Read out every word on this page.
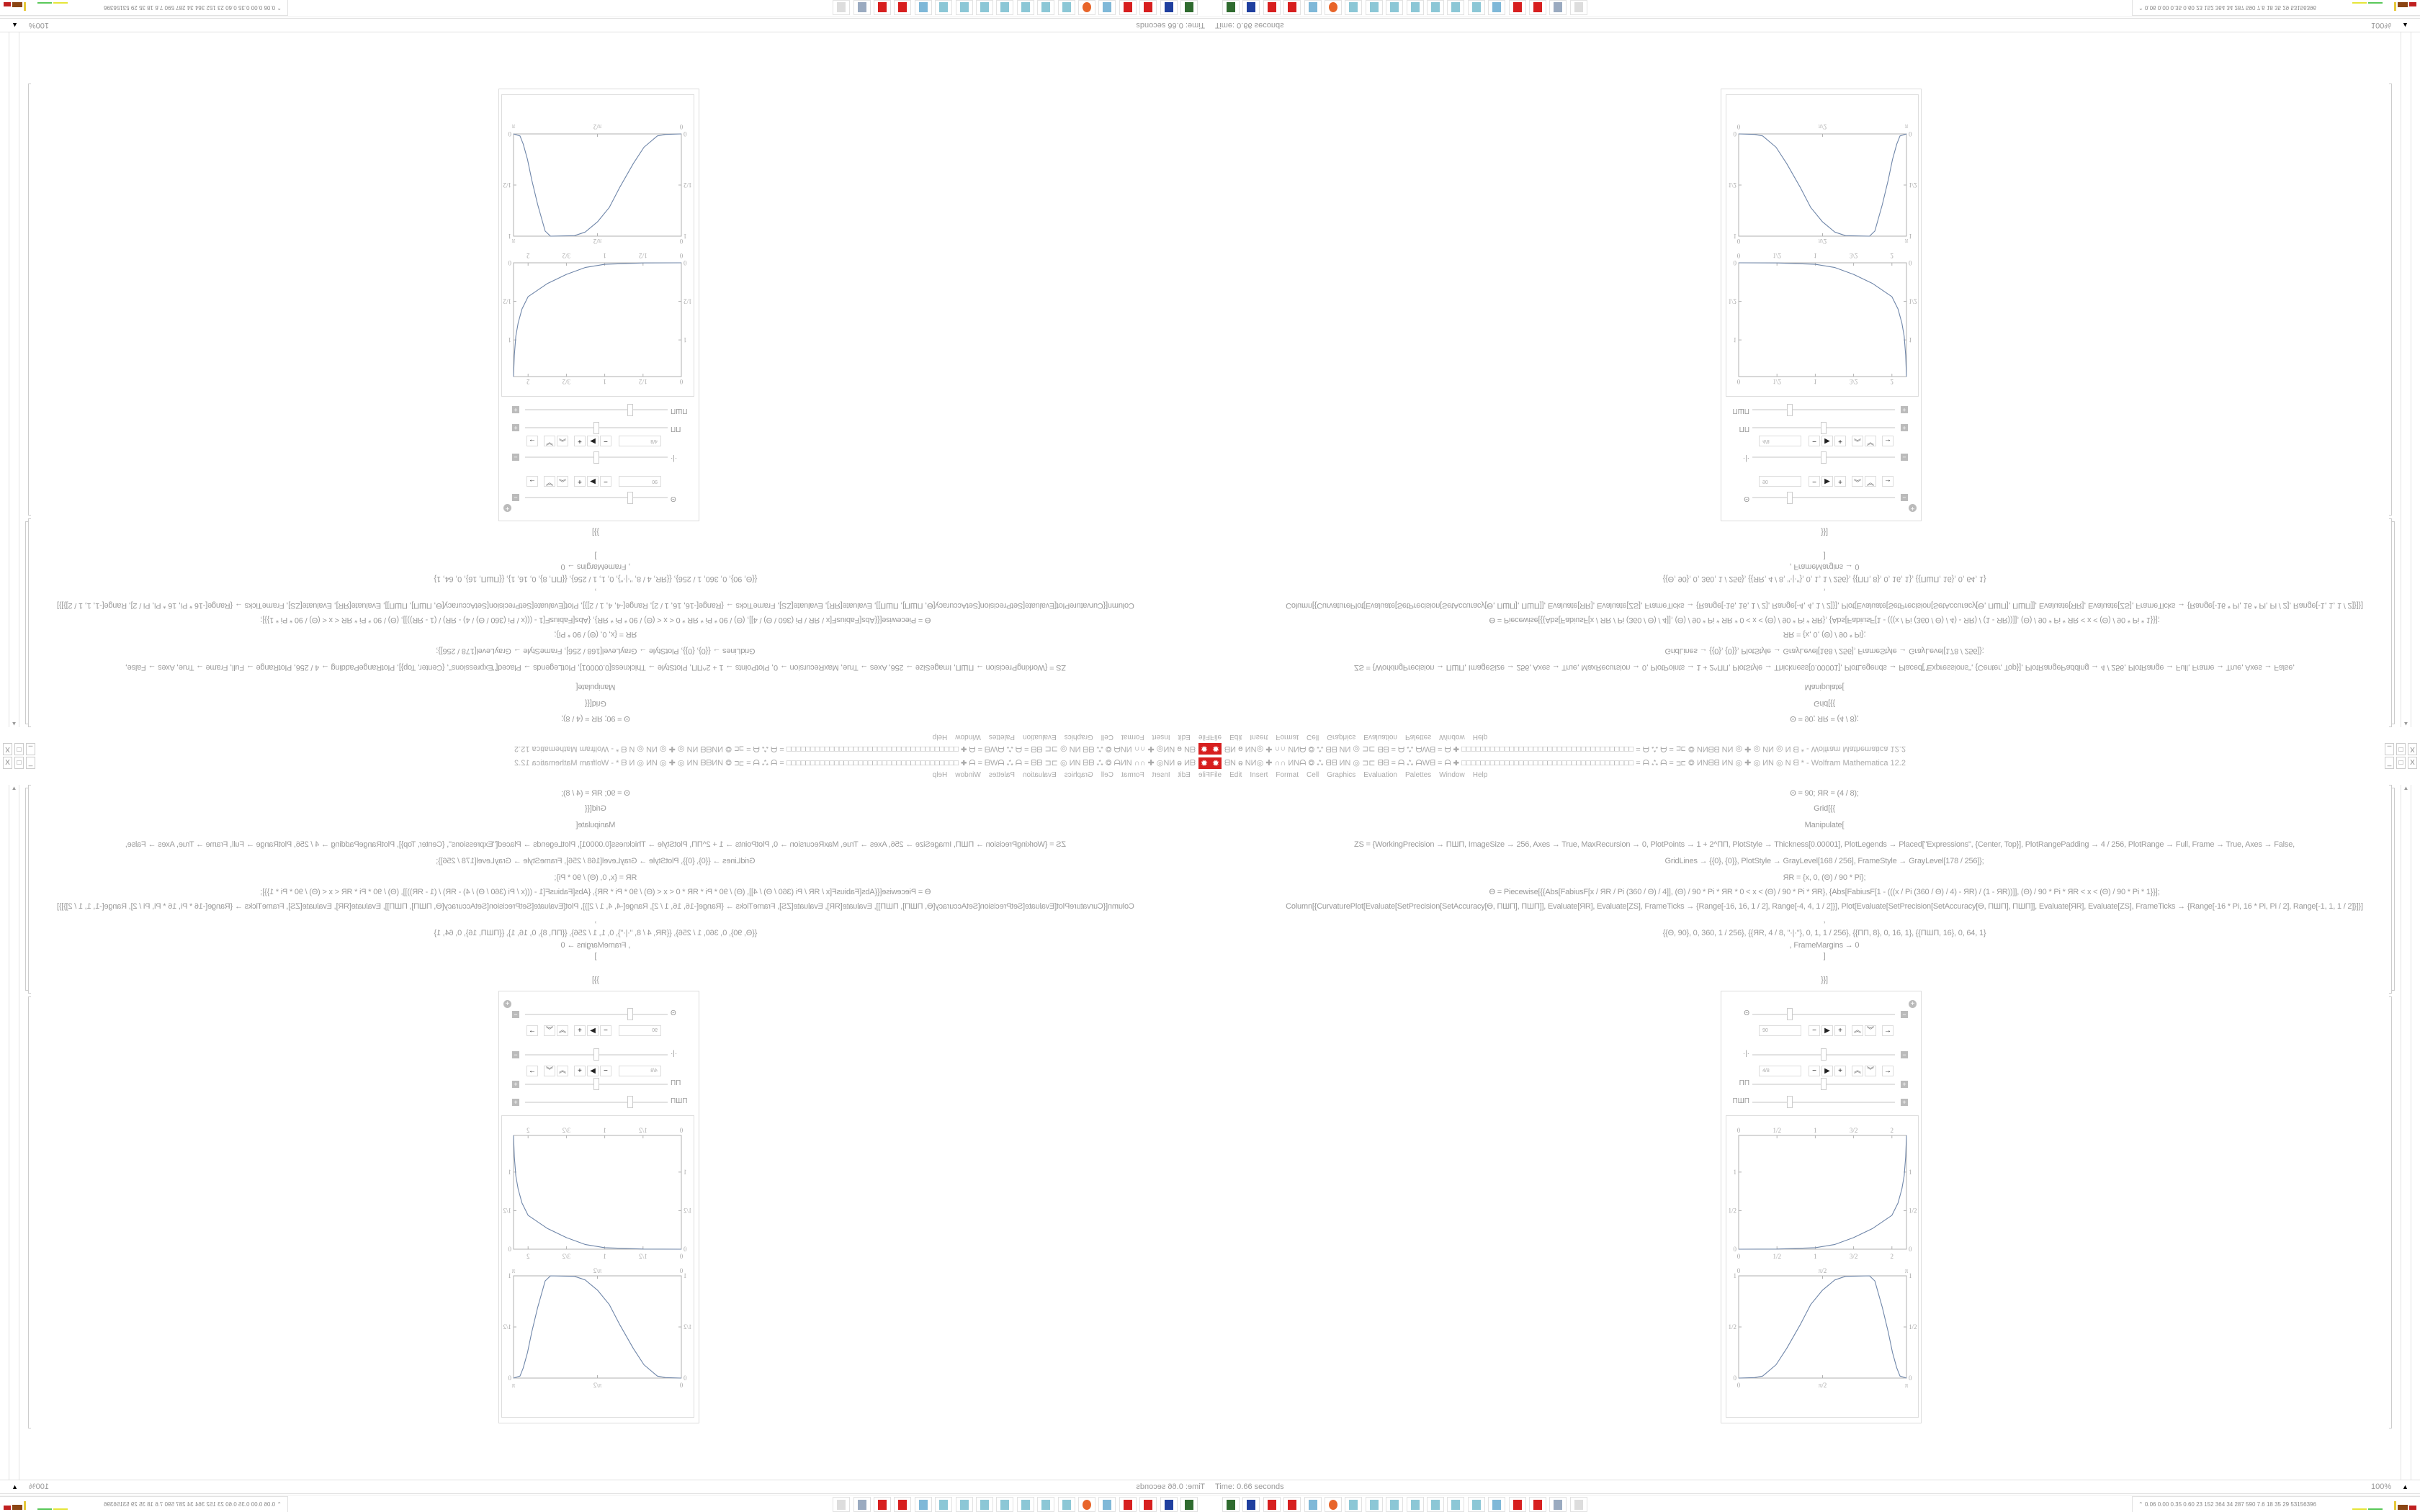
✹ ᗺN ⱺ NИ◎ ✚ ∩∩ ИNᗩ ◎ ⁂ ᗺᗺ ИN ◎ ⊐⊏ ᗺᗺ = ᗩ ⁂ ᗩWᗺ = ᗩ ✚ □□□□□□□□□□□□□□□□□□□□□□□□□□□□□□□□□□□□ = ᗩ ⁂ ᗩ = ⊐⊏ ◎ ИNᗺᗺ ИN ◎ ✚ ◎ ИN ◎ N ᗺ * - Wolfram Mathematica 12.2	_	□ X
File Edit Insert Format Cell Graphics Evaluation Palettes Window Help
Θ = 90; ЯR = (4 / 8);
Grid[{{
Manipulate[
ZS = {WorkingPrecision → ПШП, ImageSize → 256, Axes → True, MaxRecursion → 0, PlotPoints → 1 + 2^ПП, PlotStyle → Thickness[0.00001], PlotLegends → Placed["Expressions", {Center, Top}], PlotRangePadding → 4 / 256, PlotRange → Full, Frame → True, Axes → False,
GridLines → {{0}, {0}}, PlotStyle → GrayLevel[168 / 256], FrameStyle → GrayLevel[178 / 256]};
ЯR = {x, 0, (Θ) / 90 * Pi};
Ө = Piecewise[{{Abs[FabiusF[x / ЯR / Pi (360 / Θ) / 4]], (Θ) / 90 * Pi * ЯR * 0 < x < (Θ) / 90 * Pi * ЯR}, {Abs[FabiusF[1 - (((x / Pi (360 / Θ) / 4) - ЯR) / (1 - ЯR))]], (Θ) / 90 * Pi * ЯR < x < (Θ) / 90 * Pi * 1}}];
Column[{CurvaturePlot[Evaluate[SetPrecision[SetAccuracy[Ө, ПШП], ПШП]], Evaluate[ЯR], Evaluate[ZS], FrameTicks → {Range[-16, 16, 1 / 2], Range[-4, 4, 1 / 2]}], Plot[Evaluate[SetPrecision[SetAccuracy[Ө, ПШП], ПШП]], Evaluate[ЯR], Evaluate[ZS], FrameTicks → {Range[-16 * Pi, 16 * Pi, Pi / 2], Range[-1, 1, 1 / 2]}]}]
,
{{Θ, 90}, 0, 360, 1 / 256}, {{ЯR, 4 / 8, "·|·"}, 0, 1, 1 / 256}, {{ПП, 8}, 0, 16, 1}, {{ПШП, 16}, 0, 64, 1}
, FrameMargins → 0
]
}}]
▲
+
Θ	−
90	−	▶	+	︽ ︾	→
·|·	−
4/8	−	▶	+	︽ ︾	→
ПП	+
ПШП	+
0
0
1/2
1/2
1
1
3/2
3/2
2
2
0	0
1/2	1/2
1	1
0
0
π/2
π/2
π
π
0	0
1/2	1/2
1	1
Time: 0.66 seconds	100% ▲
⌃ 0.06 0.00 0.35 0.60 23 152 364 34 287 590 7.6 18 35 29 53156396
✹
ᗺN ⱺ NИ◎ ✚ ∩∩ ИNᗩ ◎ ⁂ ᗺᗺ ИN ◎ ⊐⊏ ᗺᗺ = ᗩ ⁂ ᗩWᗺ = ᗩ ✚ □□□□□□□□□□□□□□□□□□□□□□□□□□□□□□□□□□□□ = ᗩ ⁂ ᗩ = ⊐⊏ ◎ ИNᗺᗺ ИN ◎ ✚ ◎ ИN ◎ N ᗺ * - Wolfram Mathematica 12.2
_
□
X
File
Edit
Insert
Format
Cell
Graphics
Evaluation
Palettes
Window
Help
Θ = 90; ЯR = (4 / 8);
Grid[{{
Manipulate[
ZS = {WorkingPrecision → ПШП, ImageSize → 256, Axes → True, MaxRecursion → 0, PlotPoints → 1 + 2^ПП, PlotStyle → Thickness[0.00001], PlotLegends → Placed["Expressions", {Center, Top}], PlotRangePadding → 4 / 256, PlotRange → Full, Frame → True, Axes → False,
GridLines → {{0}, {0}}, PlotStyle → GrayLevel[168 / 256], FrameStyle → GrayLevel[178 / 256]};
ЯR = {x, 0, (Θ) / 90 * Pi};
Ө = Piecewise[{{Abs[FabiusF[x / ЯR / Pi (360 / Θ) / 4]], (Θ) / 90 * Pi * ЯR * 0 < x < (Θ) / 90 * Pi * ЯR}, {Abs[FabiusF[1 - (((x / Pi (360 / Θ) / 4) - ЯR) / (1 - ЯR))]], (Θ) / 90 * Pi * ЯR < x < (Θ) / 90 * Pi * 1}}];
Column[{CurvaturePlot[Evaluate[SetPrecision[SetAccuracy[Ө, ПШП], ПШП]], Evaluate[ЯR], Evaluate[ZS], FrameTicks → {Range[-16, 16, 1 / 2], Range[-4, 4, 1 / 2]}], Plot[Evaluate[SetPrecision[SetAccuracy[Ө, ПШП], ПШП]], Evaluate[ЯR], Evaluate[ZS], FrameTicks → {Range[-16 * Pi, 16 * Pi, Pi / 2], Range[-1, 1, 1 / 2]}]}]
,
{{Θ, 90}, 0, 360, 1 / 256}, {{ЯR, 4 / 8, "·|·"}, 0, 1, 1 / 256}, {{ПП, 8}, 0, 16, 1}, {{ПШП, 16}, 0, 64, 1}
, FrameMargins → 0
]
}}]
▲
+
Θ
−
90
−
▶
+
︽
︾
→
·|·
−
4/8
−
▶
+
︽
︾
→
ПП
+
ПШП
+
0
0
1/2
1/2
1
1
3/2
3/2
2
2
0
0
1/2
1/2
1
1
0
0
π/2
π/2
π
π
0
0
1/2
1/2
1
1
Time: 0.66 seconds
100%
▲
⌃ 0.06 0.00 0.35 0.60 23 152 364 34 287 590 7.6 18 35 29 53156396
✹ ᗺN ⱺ NИ◎ ✚ ∩∩ ИNᗩ ◎ ⁂ ᗺᗺ ИN ◎ ⊐⊏ ᗺᗺ = ᗩ ⁂ ᗩWᗺ = ᗩ ✚ □□□□□□□□□□□□□□□□□□□□□□□□□□□□□□□□□□□□ = ᗩ ⁂ ᗩ = ⊐⊏ ◎ ИNᗺᗺ ИN ◎ ✚ ◎ ИN ◎ N ᗺ * - Wolfram Mathematica 12.2	_	□ X
File Edit Insert Format Cell Graphics Evaluation Palettes Window Help
Θ = 90; ЯR = (4 / 8);
Grid[{{
Manipulate[
ZS = {WorkingPrecision → ПШП, ImageSize → 256, Axes → True, MaxRecursion → 0, PlotPoints → 1 + 2^ПП, PlotStyle → Thickness[0.00001], PlotLegends → Placed["Expressions", {Center, Top}], PlotRangePadding → 4 / 256, PlotRange → Full, Frame → True, Axes → False,
GridLines → {{0}, {0}}, PlotStyle → GrayLevel[168 / 256], FrameStyle → GrayLevel[178 / 256]};
ЯR = {x, 0, (Θ) / 90 * Pi};
Ө = Piecewise[{{Abs[FabiusF[x / ЯR / Pi (360 / Θ) / 4]], (Θ) / 90 * Pi * ЯR * 0 < x < (Θ) / 90 * Pi * ЯR}, {Abs[FabiusF[1 - (((x / Pi (360 / Θ) / 4) - ЯR) / (1 - ЯR))]], (Θ) / 90 * Pi * ЯR < x < (Θ) / 90 * Pi * 1}}];
Column[{CurvaturePlot[Evaluate[SetPrecision[SetAccuracy[Ө, ПШП], ПШП]], Evaluate[ЯR], Evaluate[ZS], FrameTicks → {Range[-16, 16, 1 / 2], Range[-4, 4, 1 / 2]}], Plot[Evaluate[SetPrecision[SetAccuracy[Ө, ПШП], ПШП]], Evaluate[ЯR], Evaluate[ZS], FrameTicks → {Range[-16 * Pi, 16 * Pi, Pi / 2], Range[-1, 1, 1 / 2]}]}]
,
{{Θ, 90}, 0, 360, 1 / 256}, {{ЯR, 4 / 8, "·|·"}, 0, 1, 1 / 256}, {{ПП, 8}, 0, 16, 1}, {{ПШП, 16}, 0, 64, 1}
, FrameMargins → 0
]
}}]
▲
+
Θ	−
90	−	▶	+	︽ ︾	→
·|·	−
4/8	−	▶	+	︽ ︾	→
ПП	+
ПШП	+
0
0
1/2
1/2
1
1
3/2
3/2
2
2
0	0
1/2	1/2
1	1
0
0
π/2
π/2
π
π
0	0
1/2	1/2
1	1
Time: 0.66 seconds	100% ▲
⌃ 0.06 0.00 0.35 0.60 23 152 364 34 287 590 7.6 18 35 29 53156396
✹
ᗺN ⱺ NИ◎ ✚ ∩∩ ИNᗩ ◎ ⁂ ᗺᗺ ИN ◎ ⊐⊏ ᗺᗺ = ᗩ ⁂ ᗩWᗺ = ᗩ ✚ □□□□□□□□□□□□□□□□□□□□□□□□□□□□□□□□□□□□ = ᗩ ⁂ ᗩ = ⊐⊏ ◎ ИNᗺᗺ ИN ◎ ✚ ◎ ИN ◎ N ᗺ * - Wolfram Mathematica 12.2
_
□
X
File
Edit
Insert
Format
Cell
Graphics
Evaluation
Palettes
Window
Help
Θ = 90; ЯR = (4 / 8);
Grid[{{
Manipulate[
ZS = {WorkingPrecision → ПШП, ImageSize → 256, Axes → True, MaxRecursion → 0, PlotPoints → 1 + 2^ПП, PlotStyle → Thickness[0.00001], PlotLegends → Placed["Expressions", {Center, Top}], PlotRangePadding → 4 / 256, PlotRange → Full, Frame → True, Axes → False,
GridLines → {{0}, {0}}, PlotStyle → GrayLevel[168 / 256], FrameStyle → GrayLevel[178 / 256]};
ЯR = {x, 0, (Θ) / 90 * Pi};
Ө = Piecewise[{{Abs[FabiusF[x / ЯR / Pi (360 / Θ) / 4]], (Θ) / 90 * Pi * ЯR * 0 < x < (Θ) / 90 * Pi * ЯR}, {Abs[FabiusF[1 - (((x / Pi (360 / Θ) / 4) - ЯR) / (1 - ЯR))]], (Θ) / 90 * Pi * ЯR < x < (Θ) / 90 * Pi * 1}}];
Column[{CurvaturePlot[Evaluate[SetPrecision[SetAccuracy[Ө, ПШП], ПШП]], Evaluate[ЯR], Evaluate[ZS], FrameTicks → {Range[-16, 16, 1 / 2], Range[-4, 4, 1 / 2]}], Plot[Evaluate[SetPrecision[SetAccuracy[Ө, ПШП], ПШП]], Evaluate[ЯR], Evaluate[ZS], FrameTicks → {Range[-16 * Pi, 16 * Pi, Pi / 2], Range[-1, 1, 1 / 2]}]}]
,
{{Θ, 90}, 0, 360, 1 / 256}, {{ЯR, 4 / 8, "·|·"}, 0, 1, 1 / 256}, {{ПП, 8}, 0, 16, 1}, {{ПШП, 16}, 0, 64, 1}
, FrameMargins → 0
]
}}]
▲
+
Θ
−
90
−
▶
+
︽
︾
→
·|·
−
4/8
−
▶
+
︽
︾
→
ПП
+
ПШП
+
0
0
1/2
1/2
1
1
3/2
3/2
2
2
0
0
1/2
1/2
1
1
0
0
π/2
π/2
π
π
0
0
1/2
1/2
1
1
Time: 0.66 seconds
100%
▲
⌃ 0.06 0.00 0.35 0.60 23 152 364 34 287 590 7.6 18 35 29 53156396
